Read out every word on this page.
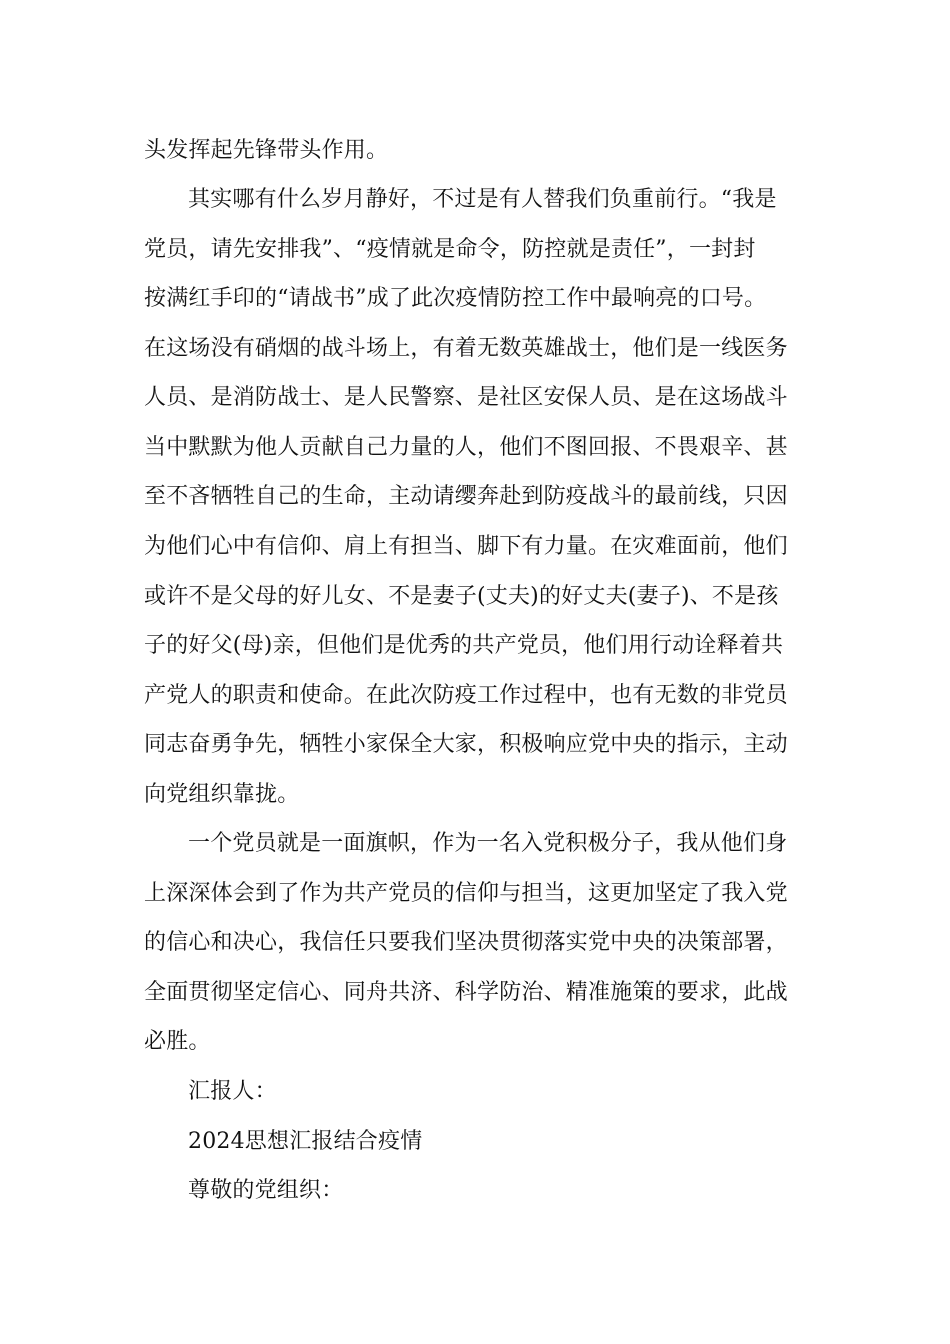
头发挥起先锋带头作用。
其实哪有什么岁月静好，不过是有人替我们负重前行。“我是
党员，请先安排我”、“疫情就是命令，防控就是责任”，一封封
按满红手印的“请战书”成了此次疫情防控工作中最响亮的口号。
在这场没有硝烟的战斗场上，有着无数英雄战士，他们是一线医务
人员、是消防战士、是人民警察、是社区安保人员、是在这场战斗
当中默默为他人贡献自己力量的人，他们不图回报、不畏艰辛、甚
至不吝牺牲自己的生命，主动请缨奔赴到防疫战斗的最前线，只因
为他们心中有信仰、肩上有担当、脚下有力量。在灾难面前，他们
或许不是父母的好儿女、不是妻子(丈夫)的好丈夫(妻子)、不是孩
子的好父(母)亲，但他们是优秀的共产党员，他们用行动诠释着共
产党人的职责和使命。在此次防疫工作过程中，也有无数的非党员
同志奋勇争先，牺牲小家保全大家，积极响应党中央的指示，主动
向党组织靠拢。
一个党员就是一面旗帜，作为一名入党积极分子，我从他们身
上深深体会到了作为共产党员的信仰与担当，这更加坚定了我入党
的信心和决心，我信任只要我们坚决贯彻落实党中央的决策部署，
全面贯彻坚定信心、同舟共济、科学防治、精准施策的要求，此战
必胜。
汇报人：
2024思想汇报结合疫情
尊敬的党组织：
